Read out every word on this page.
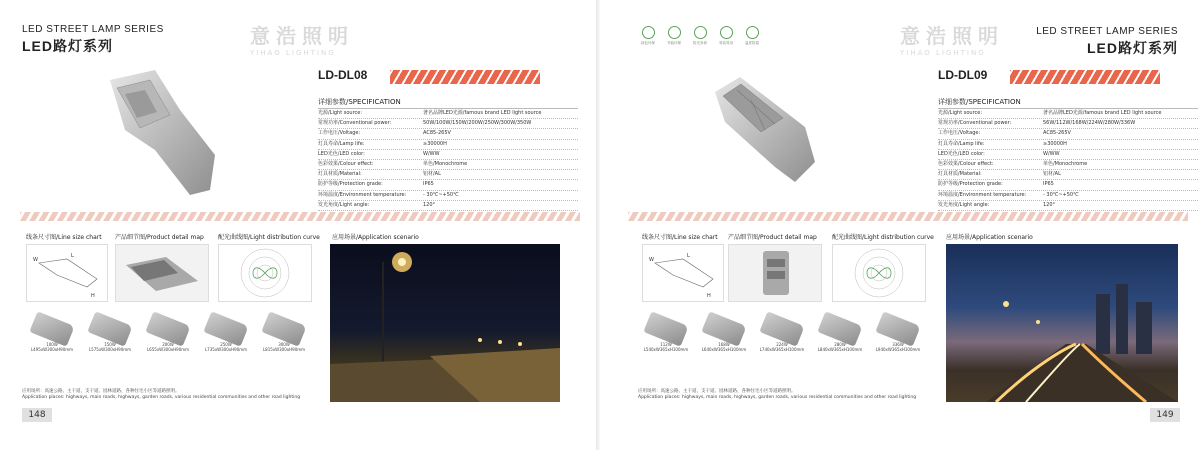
LED STREET LAMP SERIES
LED路灯系列	意浩照明
YIHAO LIGHTING
LD-DL08
详细参数/SPECIFICATION
光源/Light source:	著名品牌LED光源/famous brand LED light source
常规功率/Conventional power:	50W/100W/150W/200W/250W/300W/350W
工作电压/Voltage:	AC85-265V
灯具寿命/Lamp life:	≥30000H
LED光色/LED color:	W/WW
色彩效果/Colour effect:	单色/Monochrome
灯具材质/Material:	铝材/AL
防护等级/Protection grade:	IP65
环境温度/Environment temperature:	- 30℃~+50℃
发光角度/Light angle:	120°
线条尺寸图/Line size chart 产品细节图/Product detail map 配光曲线图/Light distribution curve 应用场景/Application scenario
W
L
H
100W
L495xW300xH90mm
150W
L575xW300xH90mm
200W
L655xW300xH90mm
250W
L735xW300xH90mm
300W
L815xW300xH90mm
应用场所：高速公路、主干道、支干道、园林道路、各种住宅小区等道路照明。
Application places: highways, main roads, highways, garden roads, various residential communities and other road lighting
148
LED STREET LAMP SERIES
LED路灯系列
绿色环保	节能环保	防光寿命	易装易用	温度防腐	意浩照明
YIHAO LIGHTING
LD-DL09
详细参数/SPECIFICATION
光源/Light source:	著名品牌LED光源/famous brand LED light source
常规功率/Conventional power:	56W/112W/168W/224W/280W/336W
工作电压/Voltage:	AC85-265V
灯具寿命/Lamp life:	≥30000H
LED光色/LED color:	W/WW
色彩效果/Colour effect:	单色/Monochrome
灯具材质/Material:	铝材/AL
防护等级/Protection grade:	IP65
环境温度/Environment temperature:	- 30℃~+50℃
发光角度/Light angle:	120°
线条尺寸图/Line size chart 产品细节图/Product detail map	配光曲线图/Light distribution curve 应用场景/Application scenario
W
L
H
112W
L540xW365xH100mm
168W
L640xW365xH100mm
224W
L740xW365xH100mm
280W
L840xW365xH100mm
336W
L940xW365xH100mm
应用场所：高速公路、主干道、支干道、园林道路、各种住宅小区等道路照明。
Application places: highways, main roads, highways, garden roads, various residential communities and other road lighting
149
